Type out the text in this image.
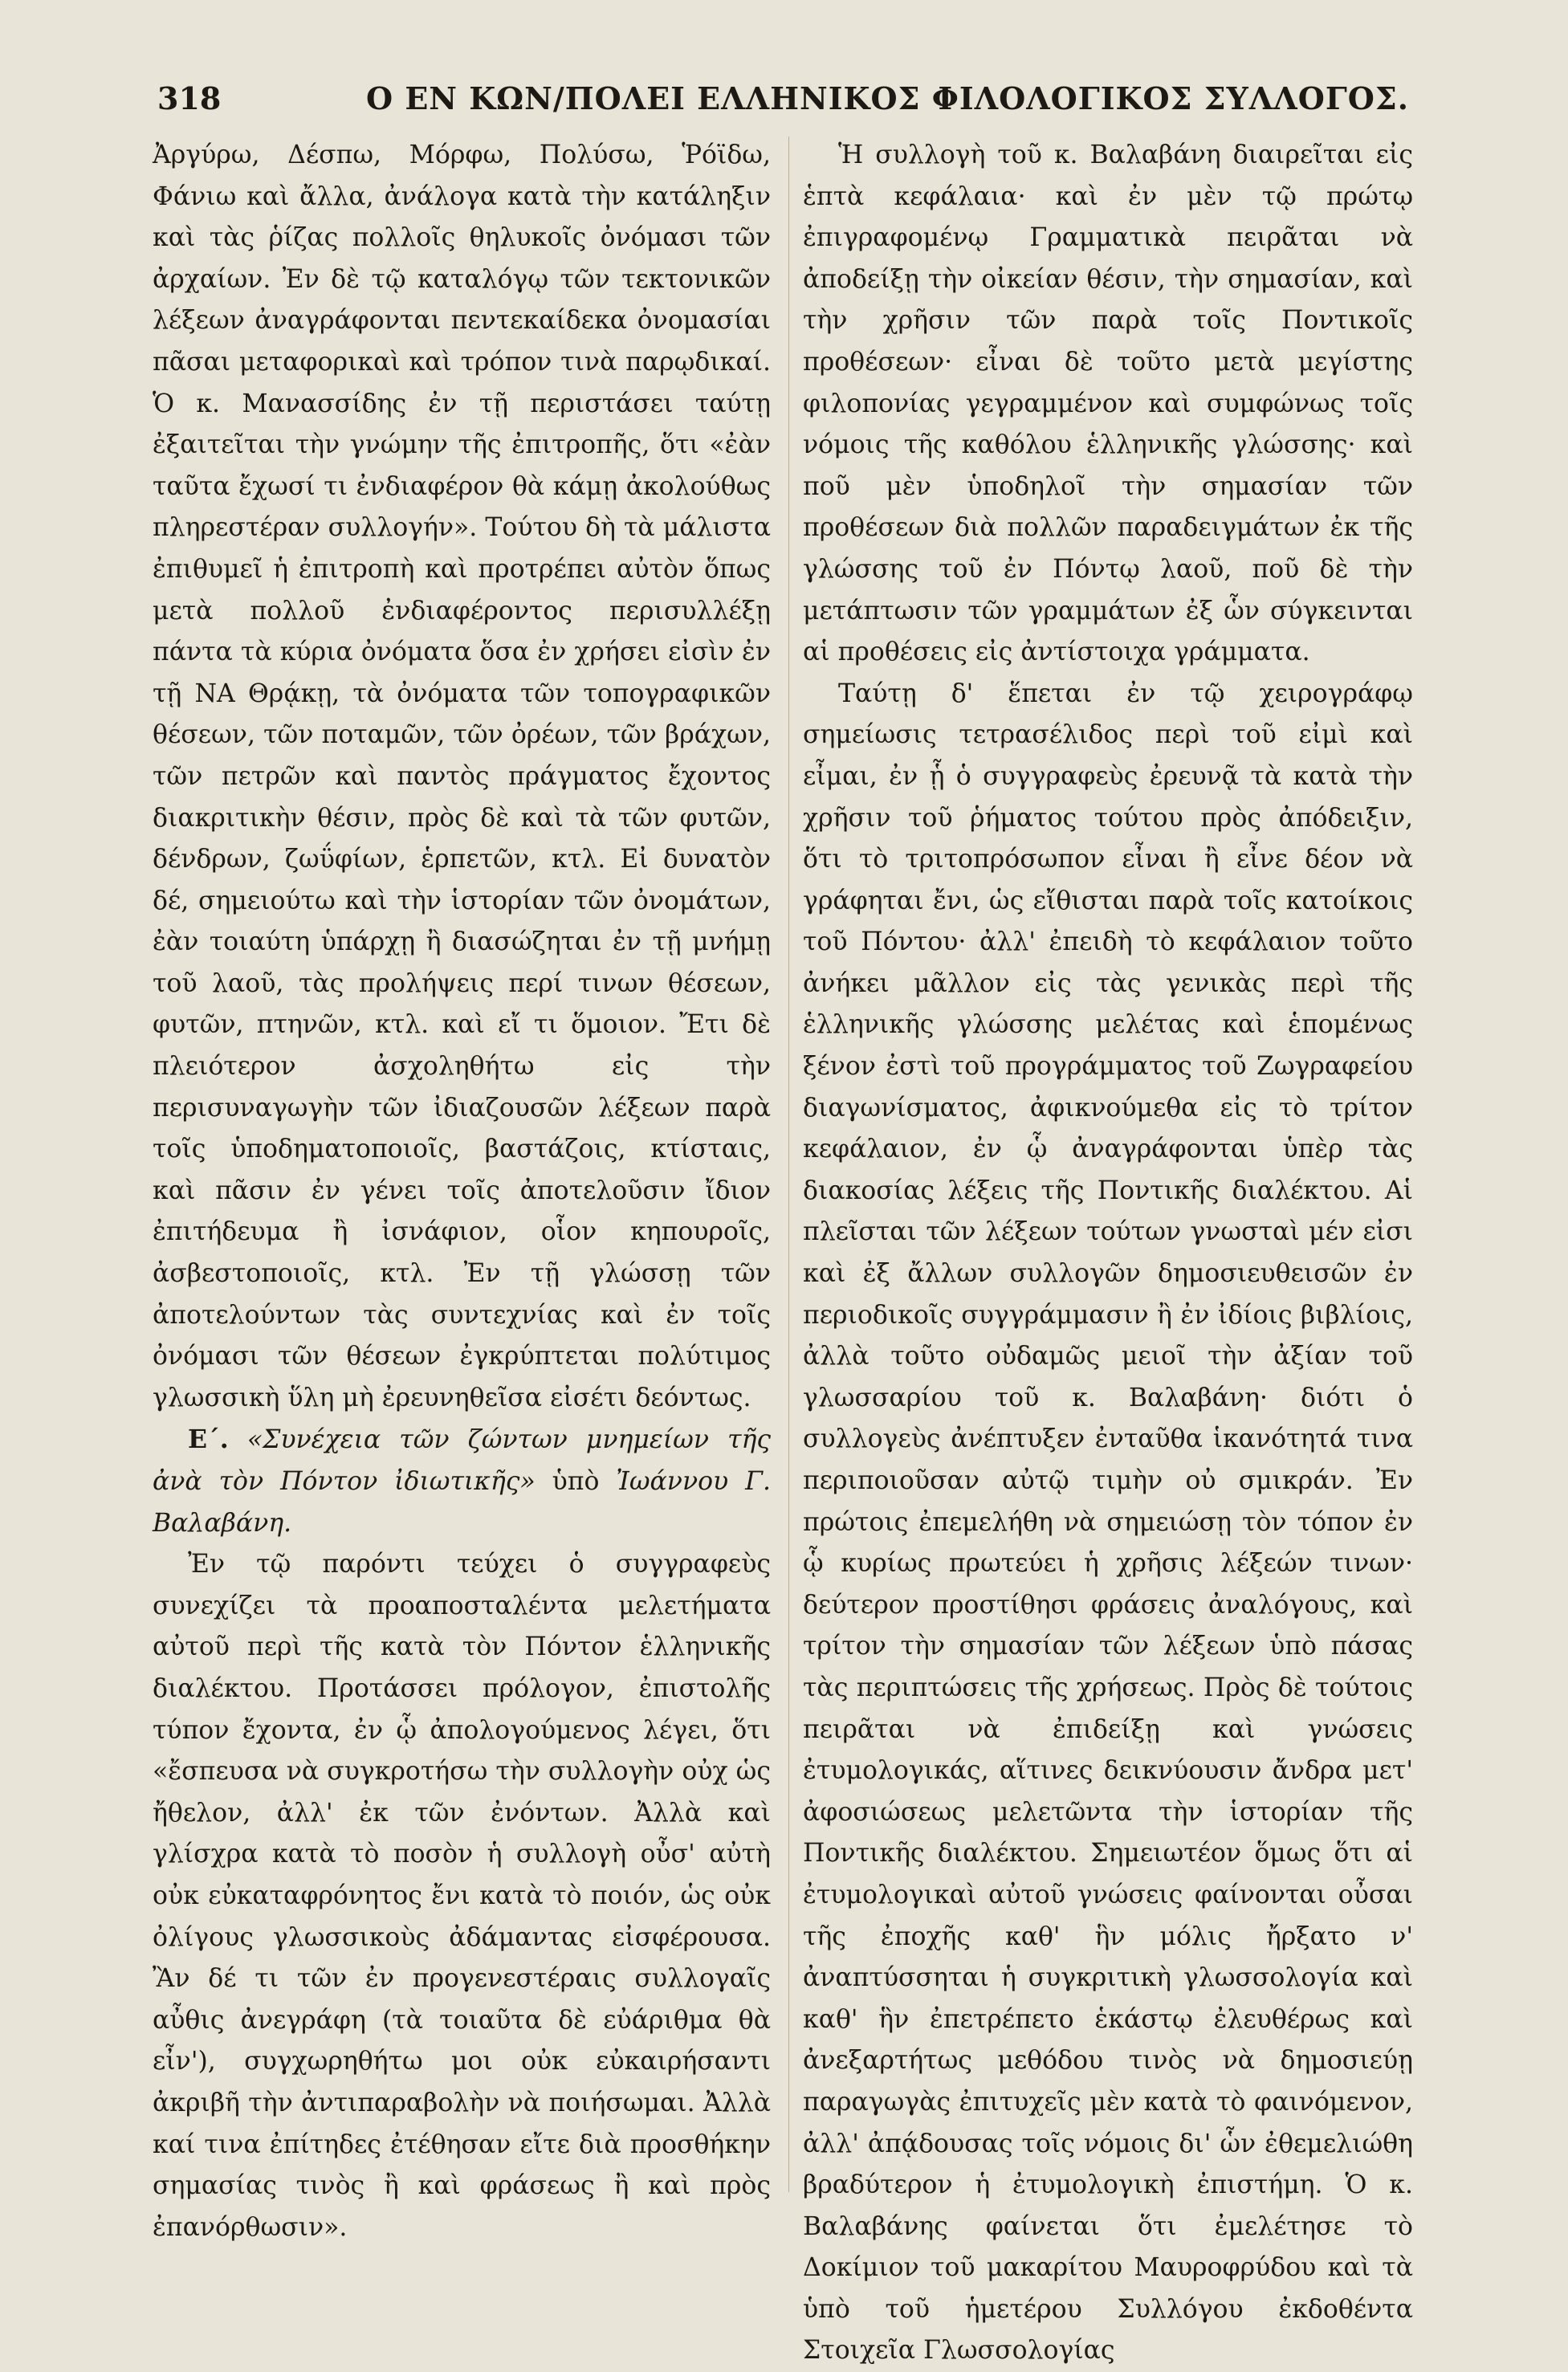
318	Ο ΕΝ ΚΩΝ/ΠΟΛΕΙ ΕΛΛΗΝΙΚΟΣ ΦΙΛΟΛΟΓΙΚΟΣ ΣΥΛΛΟΓΟΣ.

Ἀργύρω, Δέσπω, Μόρφω, Πολύσω, Ῥόϊδω, Φάνιω καὶ ἄλλα, ἀνάλογα κατὰ τὴν κατάληξιν καὶ τὰς ῥίζας πολλοῖς θηλυκοῖς ὀνόμασι τῶν ἀρχαίων. Ἐν δὲ τῷ καταλόγῳ τῶν τεκτονικῶν λέξεων ἀναγράφονται πεντεκαίδεκα ὀνομασίαι πᾶσαι μεταφορικαὶ καὶ τρόπον τινὰ παρῳδικαί. Ὁ κ. Μανασσίδης ἐν τῇ περιστάσει ταύτῃ ἐξαιτεῖται τὴν γνώμην τῆς ἐπιτροπῆς, ὅτι «ἐὰν ταῦτα ἔχωσί τι ἐνδιαφέρον θὰ κάμῃ ἀκολούθως πληρεστέραν συλλογήν». Τούτου δὴ τὰ μάλιστα ἐπιθυμεῖ ἡ ἐπιτροπὴ καὶ προτρέπει αὐτὸν ὅπως μετὰ πολλοῦ ἐνδιαφέροντος περισυλλέξῃ πάντα τὰ κύρια ὀνόματα ὅσα ἐν χρήσει εἰσὶν ἐν τῇ ΝΑ Θρᾴκῃ, τὰ ὀνόματα τῶν τοπογραφικῶν θέσεων, τῶν ποταμῶν, τῶν ὀρέων, τῶν βράχων, τῶν πετρῶν καὶ παντὸς πράγματος ἔχοντος διακριτικὴν θέσιν, πρὸς δὲ καὶ τὰ τῶν φυτῶν, δένδρων, ζωΰφίων, ἑρπετῶν, κτλ. Εἰ δυνατὸν δέ, σημειούτω καὶ τὴν ἱστορίαν τῶν ὀνομάτων, ἐὰν τοιαύτη ὑπάρχῃ ἢ διασώζηται ἐν τῇ μνήμῃ τοῦ λαοῦ, τὰς προλήψεις περί τινων θέσεων, φυτῶν, πτηνῶν, κτλ. καὶ εἴ τι ὅμοιον. Ἔτι δὲ πλειότερον ἀσχοληθήτω εἰς τὴν περισυναγωγὴν τῶν ἰδιαζουσῶν λέξεων παρὰ τοῖς ὑποδηματοποιοῖς, βαστάζοις, κτίσταις, καὶ πᾶσιν ἐν γένει τοῖς ἀποτελοῦσιν ἴδιον ἐπιτήδευμα ἢ ἰσνάφιον, οἷον κηπουροῖς, ἀσβεστοποιοῖς, κτλ. Ἐν τῇ γλώσσῃ τῶν ἀποτελούντων τὰς συντεχνίας καὶ ἐν τοῖς ὀνόμασι τῶν θέσεων ἐγκρύπτεται πολύτιμος γλωσσικὴ ὕλη μὴ ἐρευνηθεῖσα εἰσέτι δεόντως.

Ε΄. «Συνέχεια τῶν ζώντων μνημείων τῆς ἀνὰ τὸν Πόντον ἰδιωτικῆς» ὑπὸ Ἰωάννου Γ. Βαλαβάνη.

Ἐν τῷ παρόντι τεύχει ὁ συγγραφεὺς συνεχίζει τὰ προαποσταλέντα μελετήματα αὐτοῦ περὶ τῆς κατὰ τὸν Πόντον ἑλληνικῆς διαλέκτου. Προτάσσει πρόλογον, ἐπιστολῆς τύπον ἔχοντα, ἐν ᾧ ἀπολογούμενος λέγει, ὅτι «ἔσπευσα νὰ συγκροτήσω τὴν συλλογὴν οὐχ ὡς ἤθελον, ἀλλ' ἐκ τῶν ἐνόντων. Ἀλλὰ καὶ γλίσχρα κατὰ τὸ ποσὸν ἡ συλλογὴ οὖσ' αὐτὴ οὐκ εὐκαταφρόνητος ἔνι κατὰ τὸ ποιόν, ὡς οὐκ ὀλίγους γλωσσικοὺς ἀδάμαντας εἰσφέρουσα. Ἂν δέ τι τῶν ἐν προγενεστέραις συλλογαῖς αὖθις ἀνεγράφη (τὰ τοιαῦτα δὲ εὐάριθμα θὰ εἶν'), συγχωρηθήτω μοι οὐκ εὐκαιρήσαντι ἀκριβῆ τὴν ἀντιπαραβολὴν νὰ ποιήσωμαι. Ἀλλὰ καί τινα ἐπίτηδες ἐτέθησαν εἴτε διὰ προσθήκην σημασίας τινὸς ἢ καὶ φράσεως ἢ καὶ πρὸς ἐπανόρθωσιν».

Ἡ συλλογὴ τοῦ κ. Βαλαβάνη διαιρεῖται εἰς ἑπτὰ κεφάλαια· καὶ ἐν μὲν τῷ πρώτῳ ἐπιγραφομένῳ Γραμματικὰ πειρᾶται νὰ ἀποδείξῃ τὴν οἰκείαν θέσιν, τὴν σημασίαν, καὶ τὴν χρῆσιν τῶν παρὰ τοῖς Ποντικοῖς προθέσεων· εἶναι δὲ τοῦτο μετὰ μεγίστης φιλοπονίας γεγραμμένον καὶ συμφώνως τοῖς νόμοις τῆς καθόλου ἑλληνικῆς γλώσσης· καὶ ποῦ μὲν ὑποδηλοῖ τὴν σημασίαν τῶν προθέσεων διὰ πολλῶν παραδειγμάτων ἐκ τῆς γλώσσης τοῦ ἐν Πόντῳ λαοῦ, ποῦ δὲ τὴν μετάπτωσιν τῶν γραμμάτων ἐξ ὧν σύγκεινται αἱ προθέσεις εἰς ἀντίστοιχα γράμματα.

Ταύτῃ δ' ἕπεται ἐν τῷ χειρογράφῳ σημείωσις τετρασέλιδος περὶ τοῦ εἰμὶ καὶ εἶμαι, ἐν ᾗ ὁ συγγραφεὺς ἐρευνᾷ τὰ κατὰ τὴν χρῆσιν τοῦ ῥήματος τούτου πρὸς ἀπόδειξιν, ὅτι τὸ τριτοπρόσωπον εἶναι ἢ εἶνε δέον νὰ γράφηται ἔνι, ὡς εἴθισται παρὰ τοῖς κατοίκοις τοῦ Πόντου· ἀλλ' ἐπειδὴ τὸ κεφάλαιον τοῦτο ἀνήκει μᾶλλον εἰς τὰς γενικὰς περὶ τῆς ἑλληνικῆς γλώσσης μελέτας καὶ ἑπομένως ξένον ἐστὶ τοῦ προγράμματος τοῦ Ζωγραφείου διαγωνίσματος, ἀφικνούμεθα εἰς τὸ τρίτον κεφάλαιον, ἐν ᾧ ἀναγράφονται ὑπὲρ τὰς διακοσίας λέξεις τῆς Ποντικῆς διαλέκτου. Αἱ πλεῖσται τῶν λέξεων τούτων γνωσταὶ μέν εἰσι καὶ ἐξ ἄλλων συλλογῶν δημοσιευθεισῶν ἐν περιοδικοῖς συγγράμμασιν ἢ ἐν ἰδίοις βιβλίοις, ἀλλὰ τοῦτο οὐδαμῶς μειοῖ τὴν ἀξίαν τοῦ γλωσσαρίου τοῦ κ. Βαλαβάνη· διότι ὁ συλλογεὺς ἀνέπτυξεν ἐνταῦθα ἱκανότητά τινα περιποιοῦσαν αὐτῷ τιμὴν οὐ σμικράν. Ἐν πρώτοις ἐπεμελήθη νὰ σημειώσῃ τὸν τόπον ἐν ᾧ κυρίως πρωτεύει ἡ χρῆσις λέξεών τινων· δεύτερον προστίθησι φράσεις ἀναλόγους, καὶ τρίτον τὴν σημασίαν τῶν λέξεων ὑπὸ πάσας τὰς περιπτώσεις τῆς χρήσεως. Πρὸς δὲ τούτοις πειρᾶται νὰ ἐπιδείξῃ καὶ γνώσεις ἐτυμολογικάς, αἵτινες δεικνύουσιν ἄνδρα μετ' ἀφοσιώσεως μελετῶντα τὴν ἱστορίαν τῆς Ποντικῆς διαλέκτου. Σημειωτέον ὅμως ὅτι αἱ ἐτυμολογικαὶ αὐτοῦ γνώσεις φαίνονται οὖσαι τῆς ἐποχῆς καθ' ἣν μόλις ἤρξατο ν' ἀναπτύσσηται ἡ συγκριτικὴ γλωσσολογία καὶ καθ' ἣν ἐπετρέπετο ἑκάστῳ ἐλευθέρως καὶ ἀνεξαρτήτως μεθόδου τινὸς νὰ δημοσιεύῃ παραγωγὰς ἐπιτυχεῖς μὲν κατὰ τὸ φαινόμενον, ἀλλ' ἀπᾴδουσας τοῖς νόμοις δι' ὧν ἐθεμελιώθη βραδύτερον ἡ ἐτυμολογικὴ ἐπιστήμη. Ὁ κ. Βαλαβάνης φαίνεται ὅτι ἐμελέτησε τὸ Δοκίμιον τοῦ μακαρίτου Μαυροφρύδου καὶ τὰ ὑπὸ τοῦ ἡμετέρου Συλλόγου ἐκδοθέντα Στοιχεῖα Γλωσσολογίας
